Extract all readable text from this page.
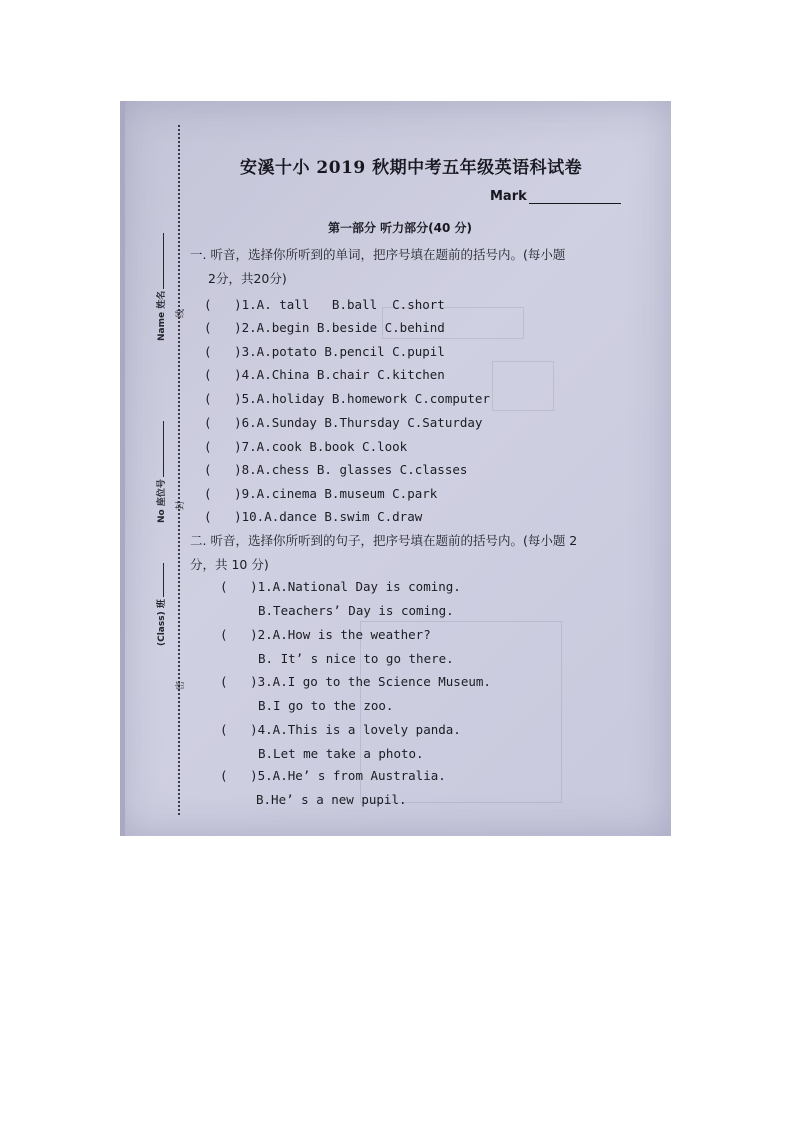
Name 姓名
No 座位号
(Class) 班
线
封
密
安溪十小 2019 秋期中考五年级英语科试卷
Mark
第一部分 听力部分(40 分)
一. 听音，选择你所听到的单词，把序号填在题前的括号内。(每小题
2分，共20分)
(   )1.A. tall   B.ball  C.short
(   )2.A.begin B.beside C.behind
(   )3.A.potato B.pencil C.pupil
(   )4.A.China B.chair C.kitchen
(   )5.A.holiday B.homework C.computer
(   )6.A.Sunday B.Thursday C.Saturday
(   )7.A.cook B.book C.look
(   )8.A.chess B. glasses C.classes
(   )9.A.cinema B.museum C.park
(   )10.A.dance B.swim C.draw
二. 听音，选择你所听到的句子，把序号填在题前的括号内。(每小题 2
分，共 10 分)
(   )1.A.National Day is coming.
B.Teachers’ Day is coming.
(   )2.A.How is the weather?
B. It’ s nice to go there.
(   )3.A.I go to the Science Museum.
B.I go to the zoo.
(   )4.A.This is a lovely panda.
B.Let me take a photo.
(   )5.A.He’ s from Australia.
B.He’ s a new pupil.
